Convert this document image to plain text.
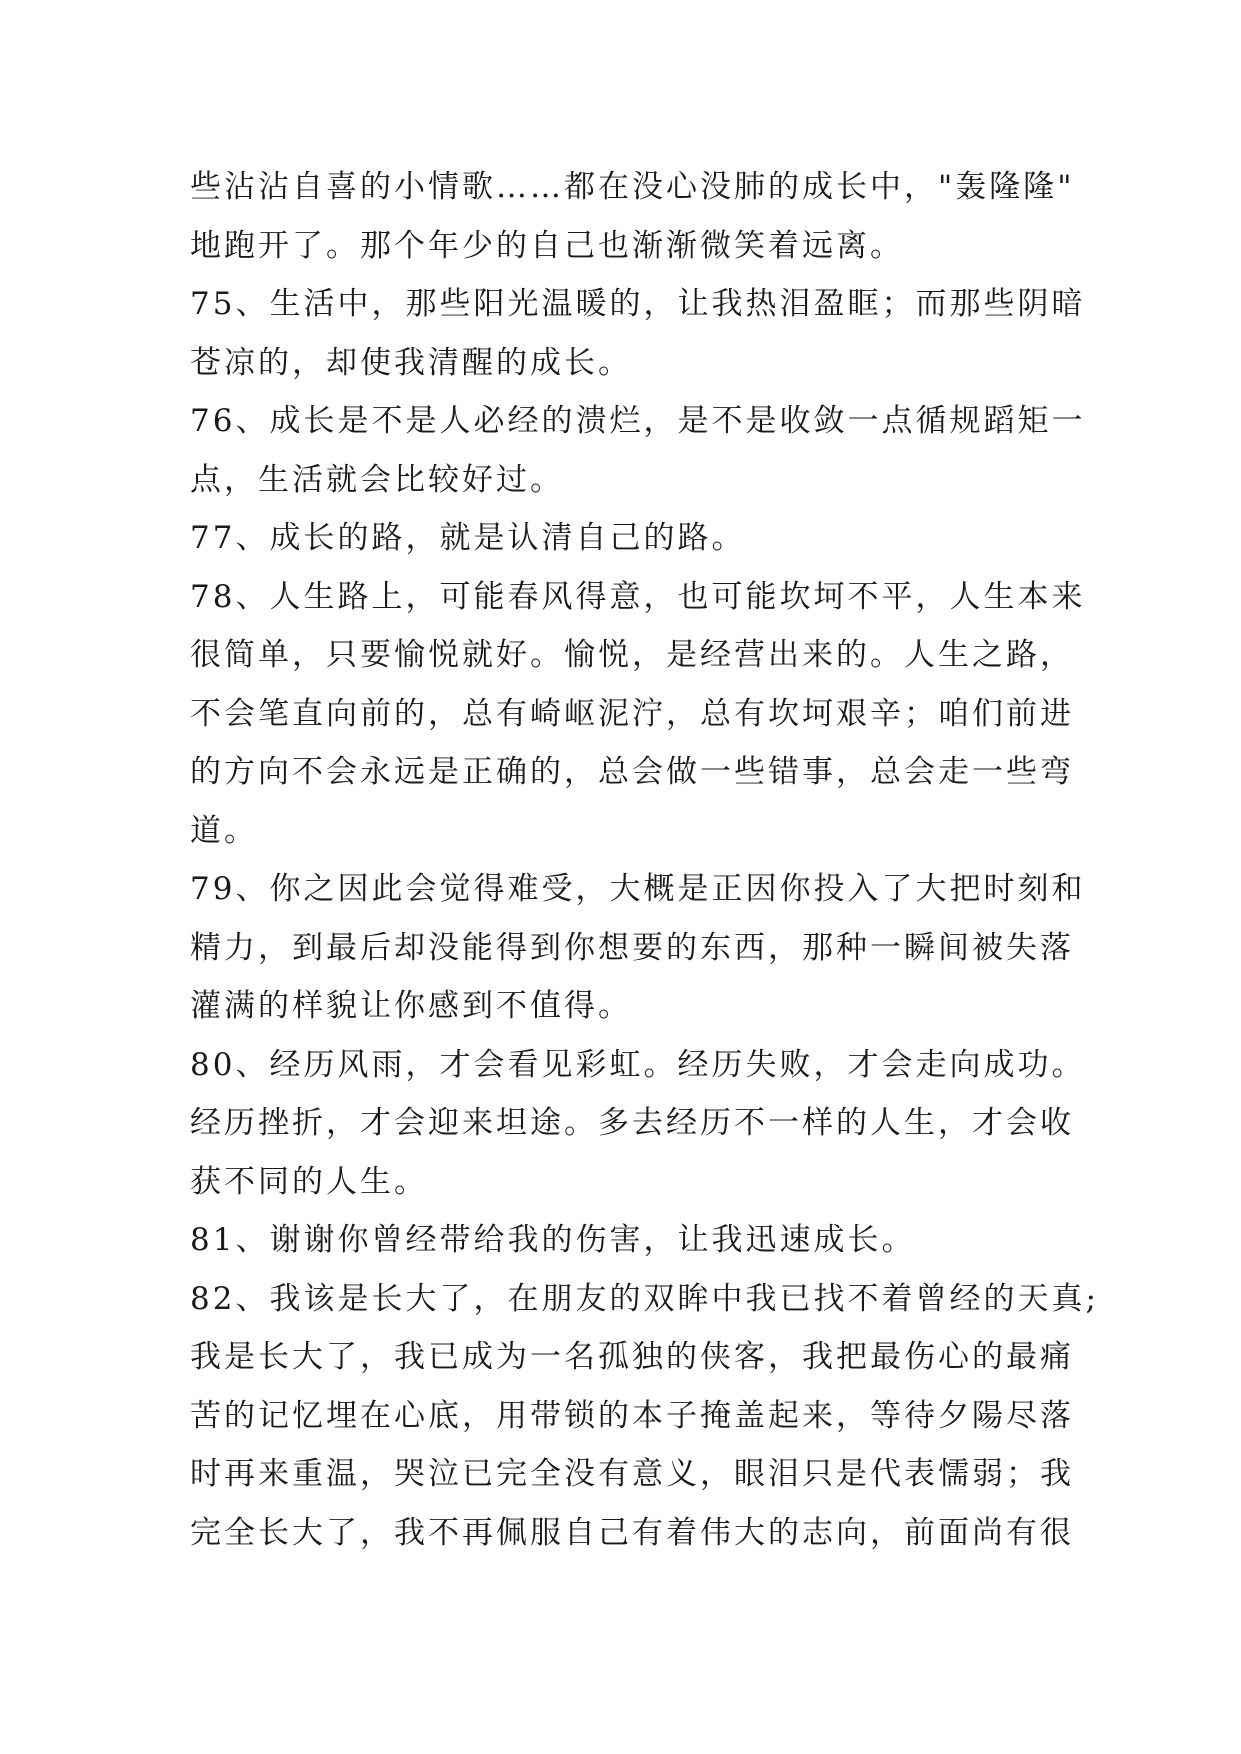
些沾沾自喜的小情歌……都在没心没肺的成长中，"轰隆隆"
地跑开了。那个年少的自己也渐渐微笑着远离。
75、生活中，那些阳光温暖的，让我热泪盈眶；而那些阴暗
苍凉的，却使我清醒的成长。
76、成长是不是人必经的溃烂，是不是收敛一点循规蹈矩一
点，生活就会比较好过。
77、成长的路，就是认清自己的路。
78、人生路上，可能春风得意，也可能坎坷不平，人生本来
很简单，只要愉悦就好。愉悦，是经营出来的。人生之路，
不会笔直向前的，总有崎岖泥泞，总有坎坷艰辛；咱们前进
的方向不会永远是正确的，总会做一些错事，总会走一些弯
道。
79、你之因此会觉得难受，大概是正因你投入了大把时刻和
精力，到最后却没能得到你想要的东西，那种一瞬间被失落
灌满的样貌让你感到不值得。
80、经历风雨，才会看见彩虹。经历失败，才会走向成功。
经历挫折，才会迎来坦途。多去经历不一样的人生，才会收
获不同的人生。
81、谢谢你曾经带给我的伤害，让我迅速成长。
82、我该是长大了，在朋友的双眸中我已找不着曾经的天真;
我是长大了，我已成为一名孤独的侠客，我把最伤心的最痛
苦的记忆埋在心底，用带锁的本子掩盖起来，等待夕陽尽落
时再来重温，哭泣已完全没有意义，眼泪只是代表懦弱；我
完全长大了，我不再佩服自己有着伟大的志向，前面尚有很
